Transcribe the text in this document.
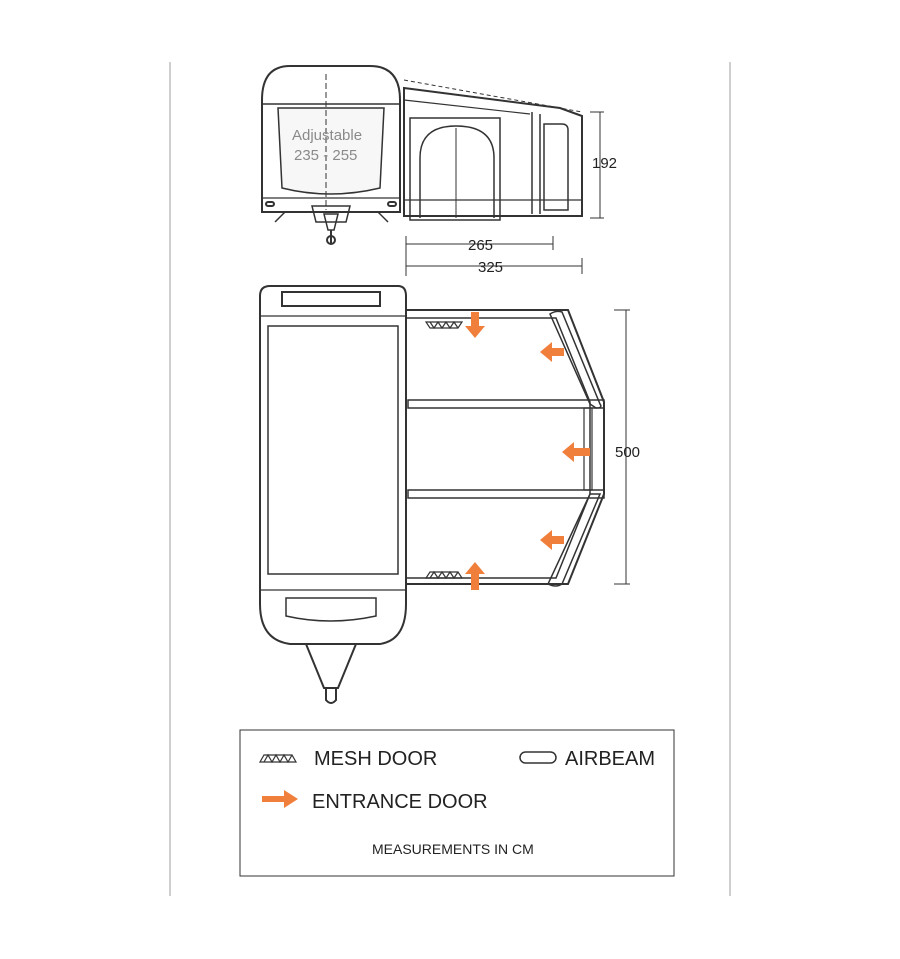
Adjustable
235 - 255	192
265
325
500
MESH DOOR	AIRBEAM
ENTRANCE DOOR
MEASUREMENTS IN CM
